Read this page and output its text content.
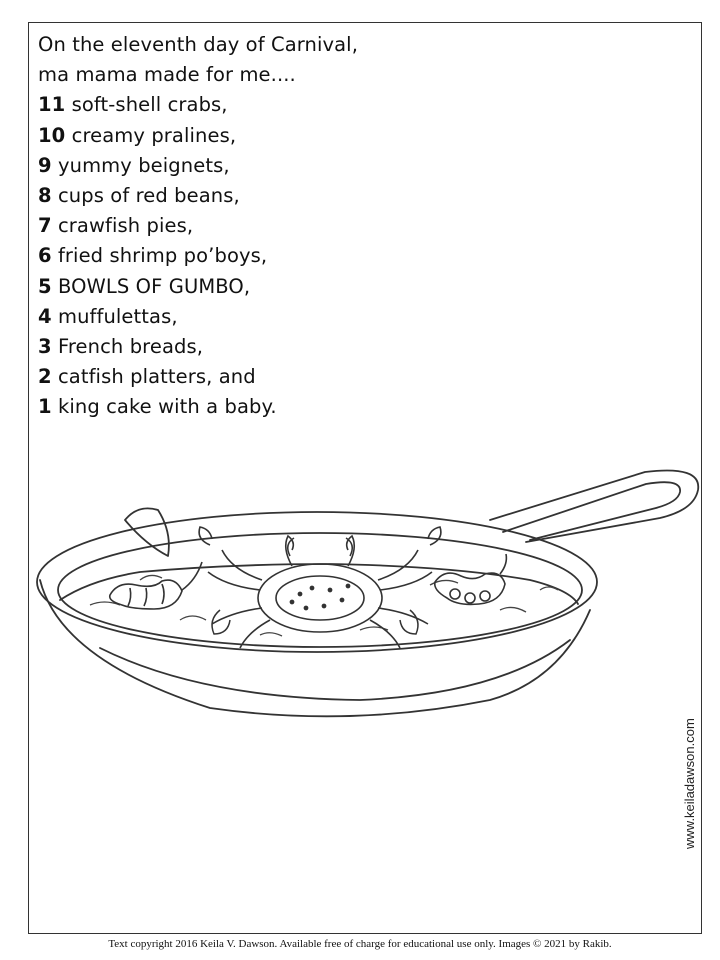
On the eleventh day of Carnival,
ma mama made for me....
11 soft-shell crabs,
10 creamy pralines,
9 yummy beignets,
8 cups of red beans,
7 crawfish pies,
6 fried shrimp po’boys,
5 BOWLS OF GUMBO,
4 muffulettas,
3 French breads,
2 catfish platters, and
1 king cake with a baby.
www.keiladawson.com
Text copyright 2016 Keila V. Dawson. Available free of charge for educational use only. Images © 2021 by Rakib.
